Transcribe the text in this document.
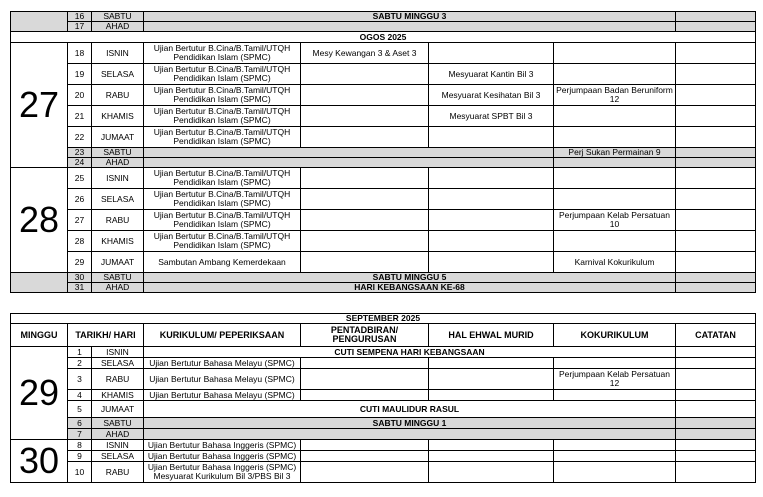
	16	SABTU	SABTU MINGGU 3				
	17	AHAD					
OGOS 2025							
27	18	ISNIN	Ujian Bertutur B.Cina/B.Tamil/UTQH Pendidikan Islam (SPMC)	Mesy Kewangan 3 & Aset 3			
	19	SELASA	Ujian Bertutur B.Cina/B.Tamil/UTQH Pendidikan Islam (SPMC)		Mesyuarat Kantin Bil 3		
	20	RABU	Ujian Bertutur B.Cina/B.Tamil/UTQH Pendidikan Islam (SPMC)		Mesyuarat Kesihatan Bil 3	Perjumpaan Badan Beruniform 12	
	21	KHAMIS	Ujian Bertutur B.Cina/B.Tamil/UTQH Pendidikan Islam (SPMC)		Mesyuarat SPBT Bil 3		
	22	JUMAAT	Ujian Bertutur B.Cina/B.Tamil/UTQH Pendidikan Islam (SPMC)				
	23	SABTU				Perj Sukan Permainan 9	
	24	AHAD					
28	25	ISNIN	Ujian Bertutur B.Cina/B.Tamil/UTQH Pendidikan Islam (SPMC)				
	26	SELASA	Ujian Bertutur B.Cina/B.Tamil/UTQH Pendidikan Islam (SPMC)				
	27	RABU	Ujian Bertutur B.Cina/B.Tamil/UTQH Pendidikan Islam (SPMC)			Perjumpaan Kelab Persatuan 10	
	28	KHAMIS	Ujian Bertutur B.Cina/B.Tamil/UTQH Pendidikan Islam (SPMC)				
	29	JUMAAT	Sambutan Ambang Kemerdekaan			Karnival Kokurikulum	
	30	SABTU	SABTU MINGGU 5				
	31	AHAD	HARI KEBANGSAAN KE-68				
SEPTEMBER 2025							
MINGGU	TARIKH/ HARI		KURIKULUM/ PEPERIKSAAN	PENTADBIRAN/ PENGURUSAN	HAL EHWAL MURID	KOKURIKULUM	CATATAN
29	1	ISNIN	CUTI SEMPENA HARI KEBANGSAAN				
	2	SELASA	Ujian Bertutur Bahasa Melayu (SPMC)				
	3	RABU	Ujian Bertutur Bahasa Melayu (SPMC)			Perjumpaan Kelab Persatuan 12	
	4	KHAMIS	Ujian Bertutur Bahasa Melayu (SPMC)				
	5	JUMAAT	CUTI MAULIDUR RASUL				
	6	SABTU	SABTU MINGGU 1				
	7	AHAD					
30	8	ISNIN	Ujian Bertutur Bahasa Inggeris (SPMC)				
	9	SELASA	Ujian Bertutur Bahasa Inggeris (SPMC)				
	10	RABU	Ujian Bertutur Bahasa Inggeris (SPMC) Mesyuarat Kurikulum Bil 3/PBS Bil 3				
